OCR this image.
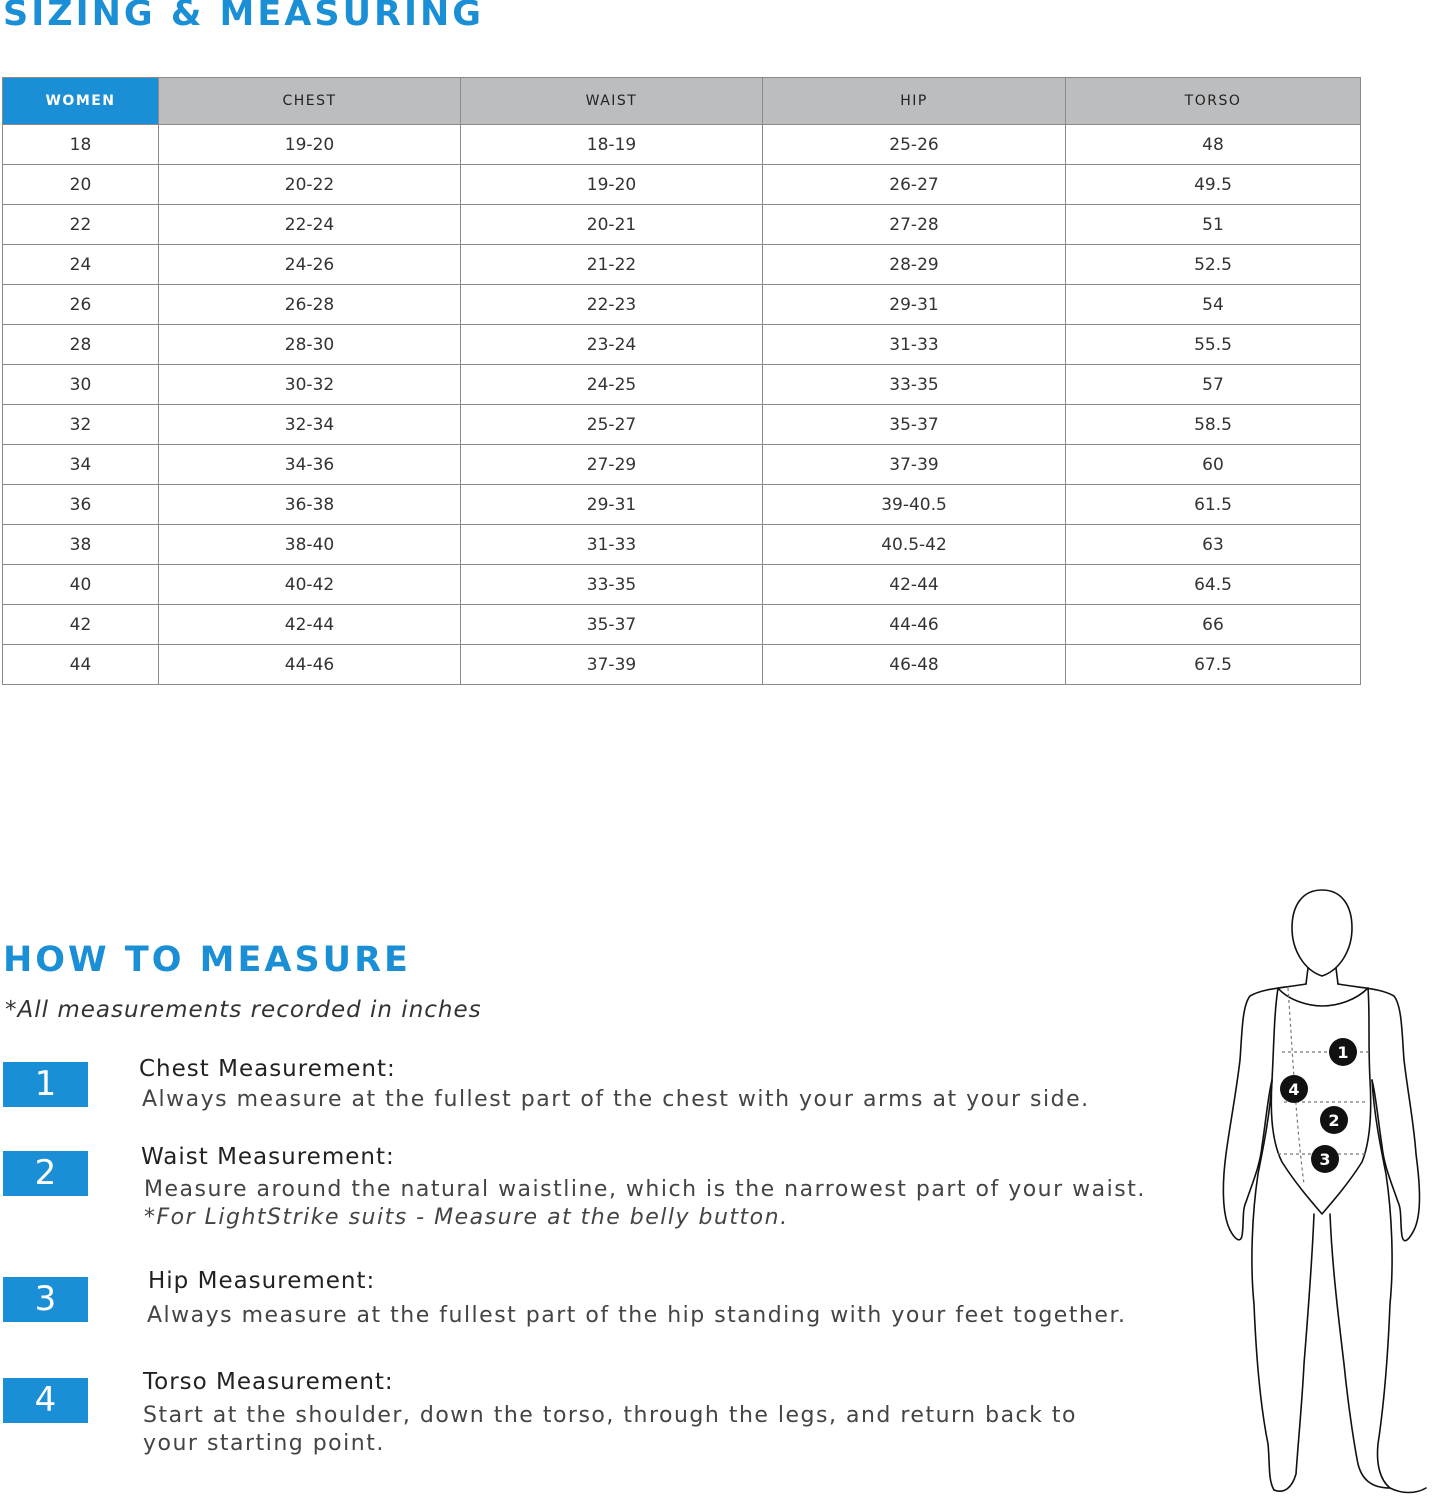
SIZING & MEASURING
WOMEN	CHEST	WAIST	HIP	TORSO
18	19-20	18-19	25-26	48
20	20-22	19-20	26-27	49.5
22	22-24	20-21	27-28	51
24	24-26	21-22	28-29	52.5
26	26-28	22-23	29-31	54
28	28-30	23-24	31-33	55.5
30	30-32	24-25	33-35	57
32	32-34	25-27	35-37	58.5
34	34-36	27-29	37-39	60
36	36-38	29-31	39-40.5	61.5
38	38-40	31-33	40.5-42	63
40	40-42	33-35	42-44	64.5
42	42-44	35-37	44-46	66
44	44-46	37-39	46-48	67.5
HOW TO MEASURE

*All measurements recorded in inches

1	Chest Measurement:

Always measure at the fullest part of the chest with your arms at your side.

2	Waist Measurement:

Measure around the natural waistline, which is the narrowest part of your waist.
*For LightStrike suits - Measure at the belly button.

3	Hip Measurement:

Always measure at the fullest part of the hip standing with your feet together.

4	Torso Measurement:

Start at the shoulder, down the torso, through the legs, and return back to your starting point.

1
4
2
3
